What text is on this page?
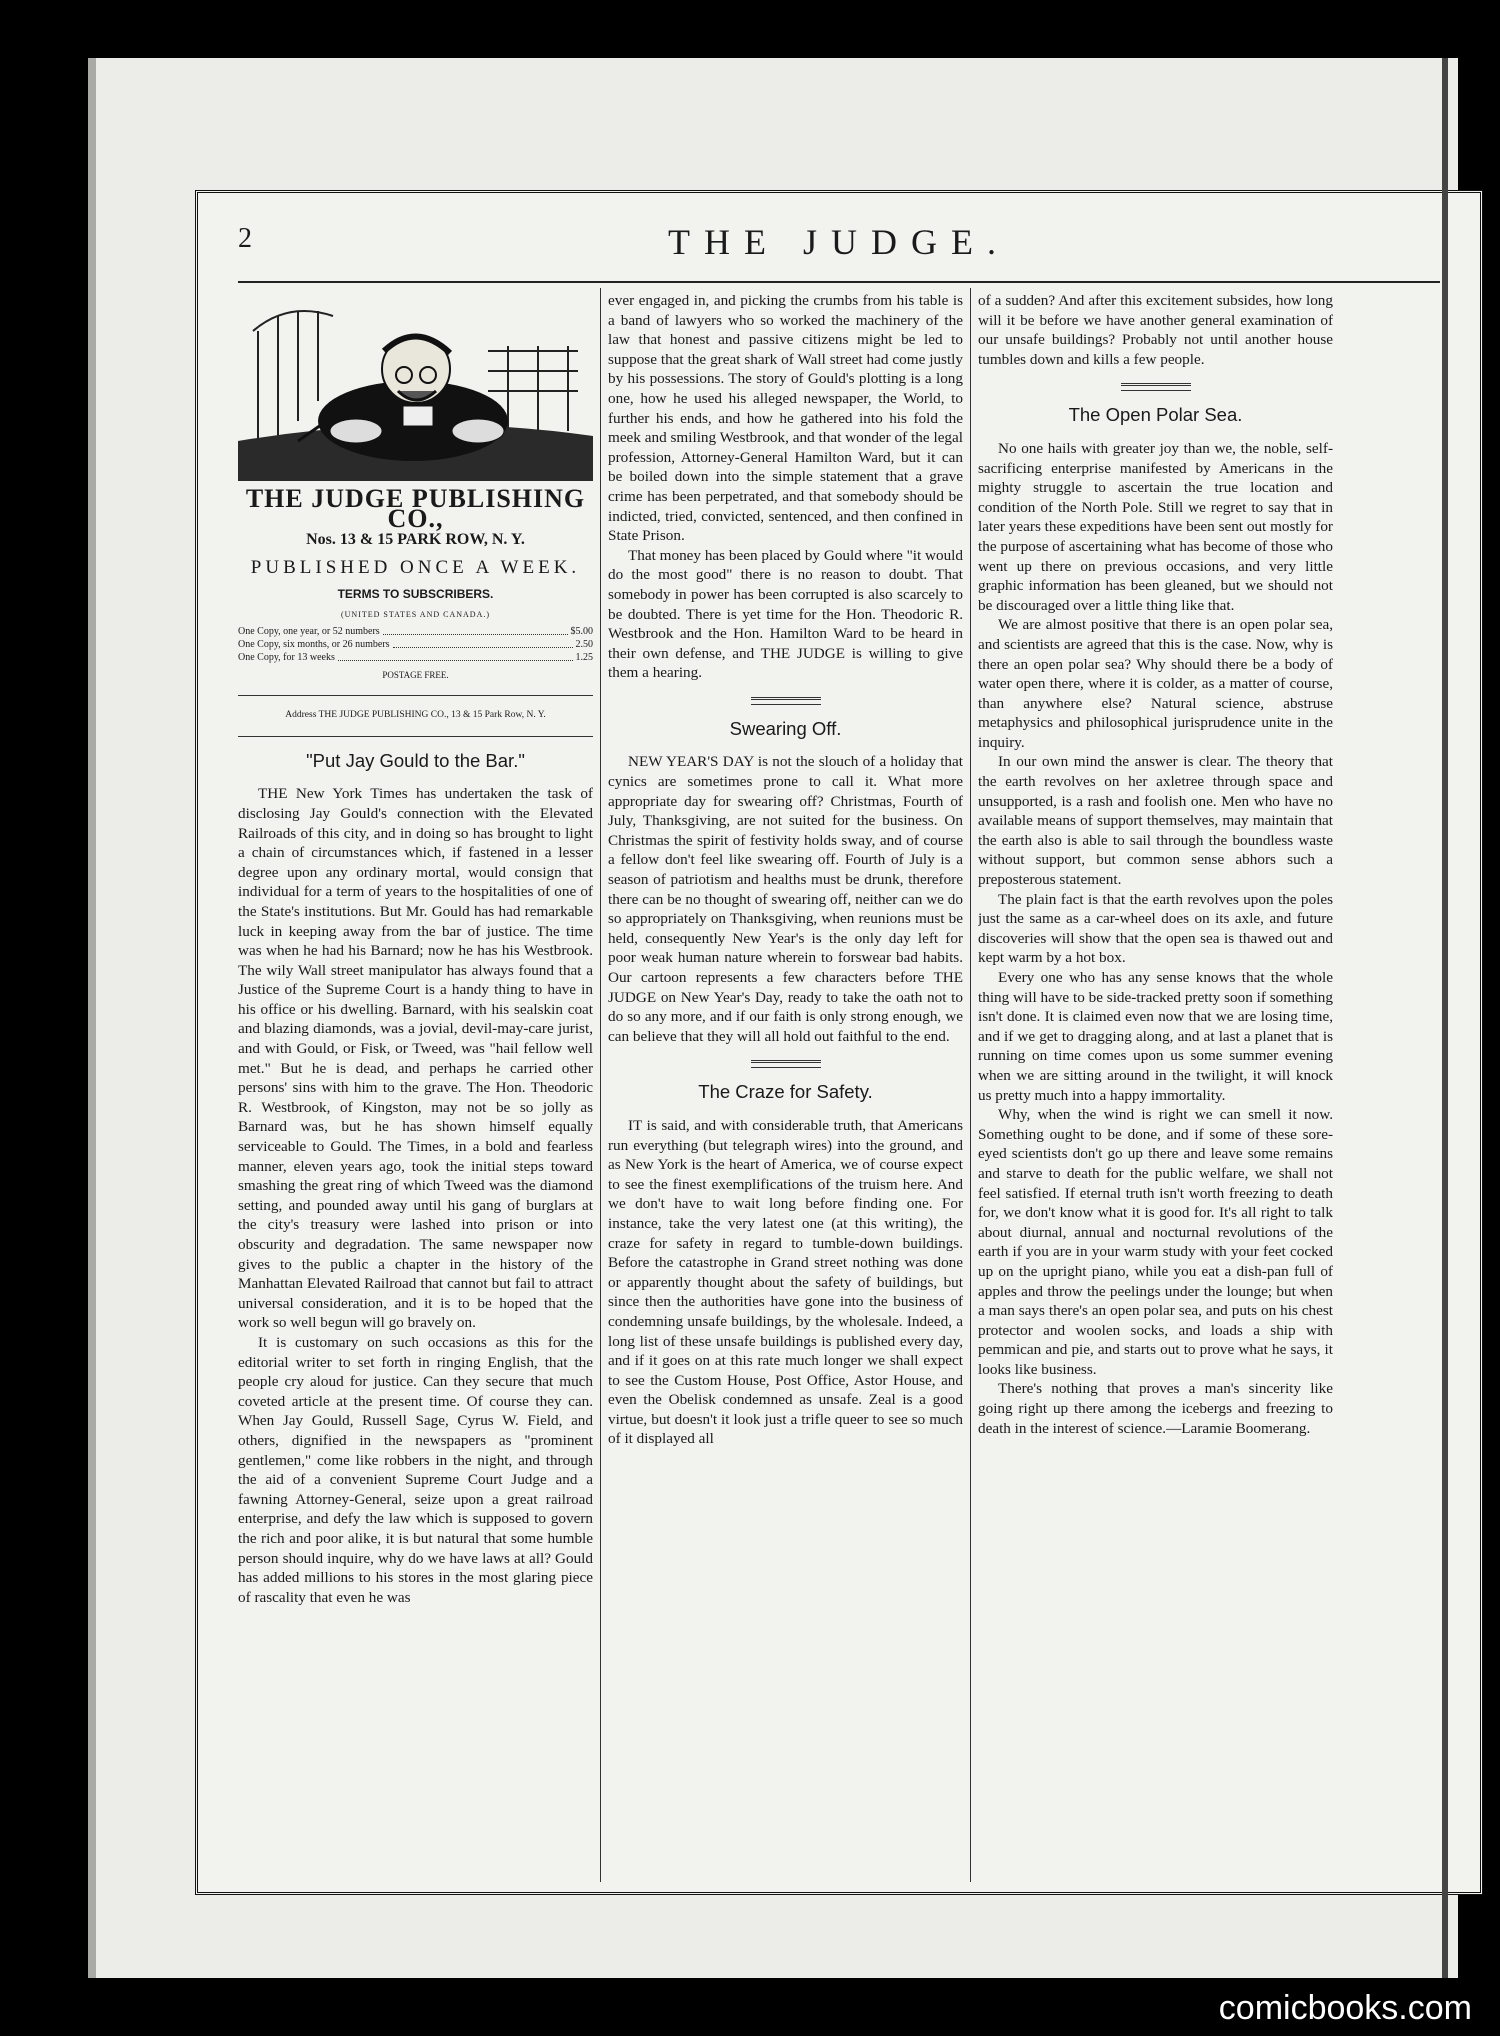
2	THE JUDGE.
THE JUDGE PUBLISHING CO.,
Nos. 13 & 15 PARK ROW, N. Y.
PUBLISHED ONCE A WEEK.
TERMS TO SUBSCRIBERS.
(UNITED STATES AND CANADA.)
One Copy, one year, or 52 numbers	$5.00
One Copy, six months, or 26 numbers	2.50
One Copy, for 13 weeks	1.25
POSTAGE FREE.
Address THE JUDGE PUBLISHING CO., 13 & 15 Park Row, N. Y.
"Put Jay Gould to the Bar."

THE New York Times has undertaken the task of disclosing Jay Gould's connection with the Elevated Railroads of this city, and in doing so has brought to light a chain of circumstances which, if fastened in a lesser degree upon any ordinary mortal, would consign that individual for a term of years to the hospitalities of one of the State's institutions. But Mr. Gould has had remarkable luck in keeping away from the bar of justice. The time was when he had his Barnard; now he has his Westbrook. The wily Wall street manipulator has always found that a Justice of the Supreme Court is a handy thing to have in his office or his dwelling. Barnard, with his sealskin coat and blazing diamonds, was a jovial, devil-may-care jurist, and with Gould, or Fisk, or Tweed, was "hail fellow well met." But he is dead, and perhaps he carried other persons' sins with him to the grave. The Hon. Theodoric R. Westbrook, of Kingston, may not be so jolly as Barnard was, but he has shown himself equally serviceable to Gould. The Times, in a bold and fearless manner, eleven years ago, took the initial steps toward smashing the great ring of which Tweed was the diamond setting, and pounded away until his gang of burglars at the city's treasury were lashed into prison or into obscurity and degradation. The same newspaper now gives to the public a chapter in the history of the Manhattan Elevated Railroad that cannot but fail to attract universal consideration, and it is to be hoped that the work so well begun will go bravely on.

It is customary on such occasions as this for the editorial writer to set forth in ringing English, that the people cry aloud for justice. Can they secure that much coveted article at the present time. Of course they can. When Jay Gould, Russell Sage, Cyrus W. Field, and others, dignified in the newspapers as "prominent gentlemen," come like robbers in the night, and through the aid of a convenient Supreme Court Judge and a fawning Attorney-General, seize upon a great railroad enterprise, and defy the law which is supposed to govern the rich and poor alike, it is but natural that some humble person should inquire, why do we have laws at all? Gould has added millions to his stores in the most glaring piece of rascality that even he was

ever engaged in, and picking the crumbs from his table is a band of lawyers who so worked the machinery of the law that honest and passive citizens might be led to suppose that the great shark of Wall street had come justly by his possessions. The story of Gould's plotting is a long one, how he used his alleged newspaper, the World, to further his ends, and how he gathered into his fold the meek and smiling Westbrook, and that wonder of the legal profession, Attorney-General Hamilton Ward, but it can be boiled down into the simple statement that a grave crime has been perpetrated, and that somebody should be indicted, tried, convicted, sentenced, and then confined in State Prison.

That money has been placed by Gould where "it would do the most good" there is no reason to doubt. That somebody in power has been corrupted is also scarcely to be doubted. There is yet time for the Hon. Theodoric R. Westbrook and the Hon. Hamilton Ward to be heard in their own defense, and THE JUDGE is willing to give them a hearing.

Swearing Off.

NEW YEAR'S DAY is not the slouch of a holiday that cynics are sometimes prone to call it. What more appropriate day for swearing off? Christmas, Fourth of July, Thanksgiving, are not suited for the business. On Christmas the spirit of festivity holds sway, and of course a fellow don't feel like swearing off. Fourth of July is a season of patriotism and healths must be drunk, therefore there can be no thought of swearing off, neither can we do so appropriately on Thanksgiving, when reunions must be held, consequently New Year's is the only day left for poor weak human nature wherein to forswear bad habits. Our cartoon represents a few characters before THE JUDGE on New Year's Day, ready to take the oath not to do so any more, and if our faith is only strong enough, we can believe that they will all hold out faithful to the end.

The Craze for Safety.

IT is said, and with considerable truth, that Americans run everything (but telegraph wires) into the ground, and as New York is the heart of America, we of course expect to see the finest exemplifications of the truism here. And we don't have to wait long before finding one. For instance, take the very latest one (at this writing), the craze for safety in regard to tumble-down buildings. Before the catastrophe in Grand street nothing was done or apparently thought about the safety of buildings, but since then the authorities have gone into the business of condemning unsafe buildings, by the wholesale. Indeed, a long list of these unsafe buildings is published every day, and if it goes on at this rate much longer we shall expect to see the Custom House, Post Office, Astor House, and even the Obelisk condemned as unsafe. Zeal is a good virtue, but doesn't it look just a trifle queer to see so much of it displayed all

of a sudden? And after this excitement subsides, how long will it be before we have another general examination of our unsafe buildings? Probably not until another house tumbles down and kills a few people.

The Open Polar Sea.

No one hails with greater joy than we, the noble, self-sacrificing enterprise manifested by Americans in the mighty struggle to ascertain the true location and condition of the North Pole. Still we regret to say that in later years these expeditions have been sent out mostly for the purpose of ascertaining what has become of those who went up there on previous occasions, and very little graphic information has been gleaned, but we should not be discouraged over a little thing like that.

We are almost positive that there is an open polar sea, and scientists are agreed that this is the case. Now, why is there an open polar sea? Why should there be a body of water open there, where it is colder, as a matter of course, than anywhere else? Natural science, abstruse metaphysics and philosophical jurisprudence unite in the inquiry.

In our own mind the answer is clear. The theory that the earth revolves on her axletree through space and unsupported, is a rash and foolish one. Men who have no available means of support themselves, may maintain that the earth also is able to sail through the boundless waste without support, but common sense abhors such a preposterous statement.

The plain fact is that the earth revolves upon the poles just the same as a car-wheel does on its axle, and future discoveries will show that the open sea is thawed out and kept warm by a hot box.

Every one who has any sense knows that the whole thing will have to be side-tracked pretty soon if something isn't done. It is claimed even now that we are losing time, and if we get to dragging along, and at last a planet that is running on time comes upon us some summer evening when we are sitting around in the twilight, it will knock us pretty much into a happy immortality.

Why, when the wind is right we can smell it now. Something ought to be done, and if some of these sore-eyed scientists don't go up there and leave some remains and starve to death for the public welfare, we shall not feel satisfied. If eternal truth isn't worth freezing to death for, we don't know what it is good for. It's all right to talk about diurnal, annual and nocturnal revolutions of the earth if you are in your warm study with your feet cocked up on the upright piano, while you eat a dish-pan full of apples and throw the peelings under the lounge; but when a man says there's an open polar sea, and puts on his chest protector and woolen socks, and loads a ship with pemmican and pie, and starts out to prove what he says, it looks like business.

There's nothing that proves a man's sincerity like going right up there among the icebergs and freezing to death in the interest of science.—Laramie Boomerang.

comicbooks.com
